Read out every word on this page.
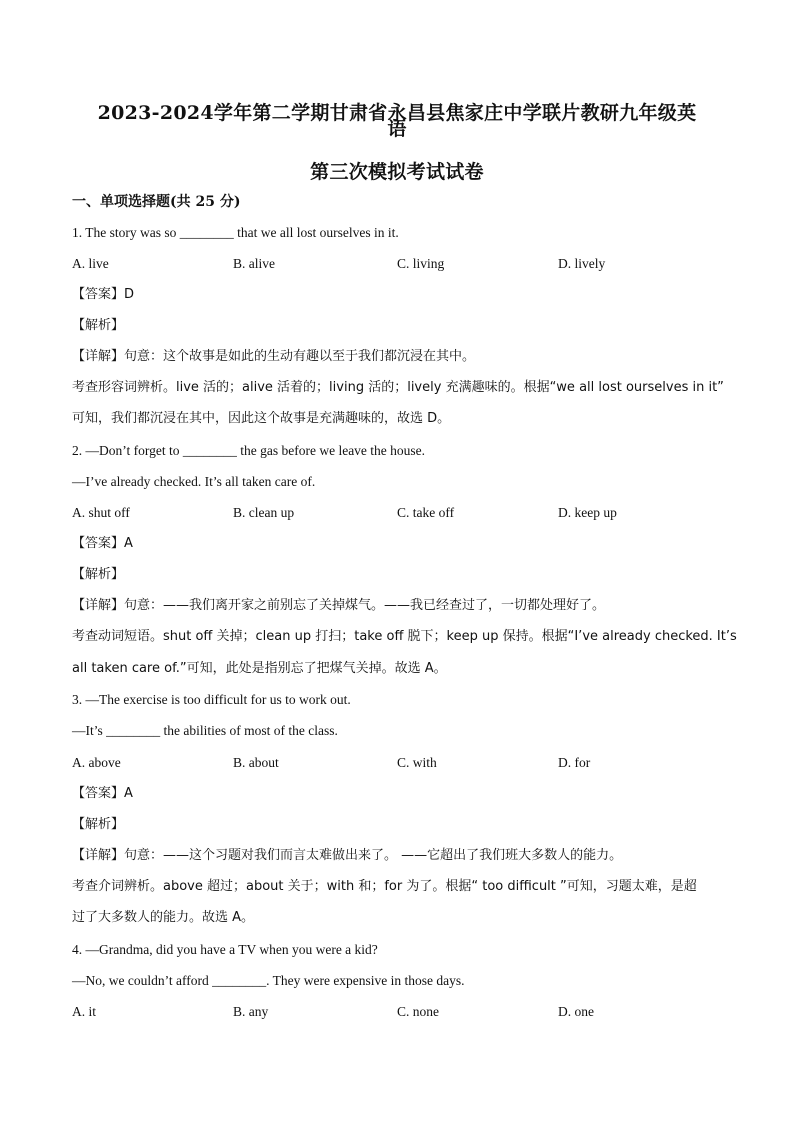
2023-2024学年第二学期甘肃省永昌县焦家庄中学联片教研九年级英
语
第三次模拟考试试卷
一、单项选择题(共 25 分)
1. The story was so ________ that we all lost ourselves in it.
A. live	B. alive	C. living	D. lively
【答案】D
【解析】
【详解】句意：这个故事是如此的生动有趣以至于我们都沉浸在其中。
考查形容词辨析。live 活的；alive 活着的；living 活的；lively 充满趣味的。根据“we all lost ourselves in it”
可知，我们都沉浸在其中，因此这个故事是充满趣味的，故选 D。
2. —Don’t forget to ________ the gas before we leave the house.
—I’ve already checked. It’s all taken care of.
A. shut off	B. clean up	C. take off	D. keep up
【答案】A
【解析】
【详解】句意：——我们离开家之前别忘了关掉煤气。——我已经查过了，一切都处理好了。
考查动词短语。shut off 关掉；clean up 打扫；take off 脱下；keep up 保持。根据“I’ve already checked. It’s
all taken care of.”可知，此处是指别忘了把煤气关掉。故选 A。
3. —The exercise is too difficult for us to work out.
—It’s ________ the abilities of most of the class.
A. above	B. about	C. with	D. for
【答案】A
【解析】
【详解】句意：——这个习题对我们而言太难做出来了。 ——它超出了我们班大多数人的能力。
考查介词辨析。above 超过；about 关于；with 和；for 为了。根据“ too difficult ”可知，习题太难，是超
过了大多数人的能力。故选 A。
4. —Grandma, did you have a TV when you were a kid?
—No, we couldn’t afford ________. They were expensive in those days.
A. it	B. any	C. none	D. one
